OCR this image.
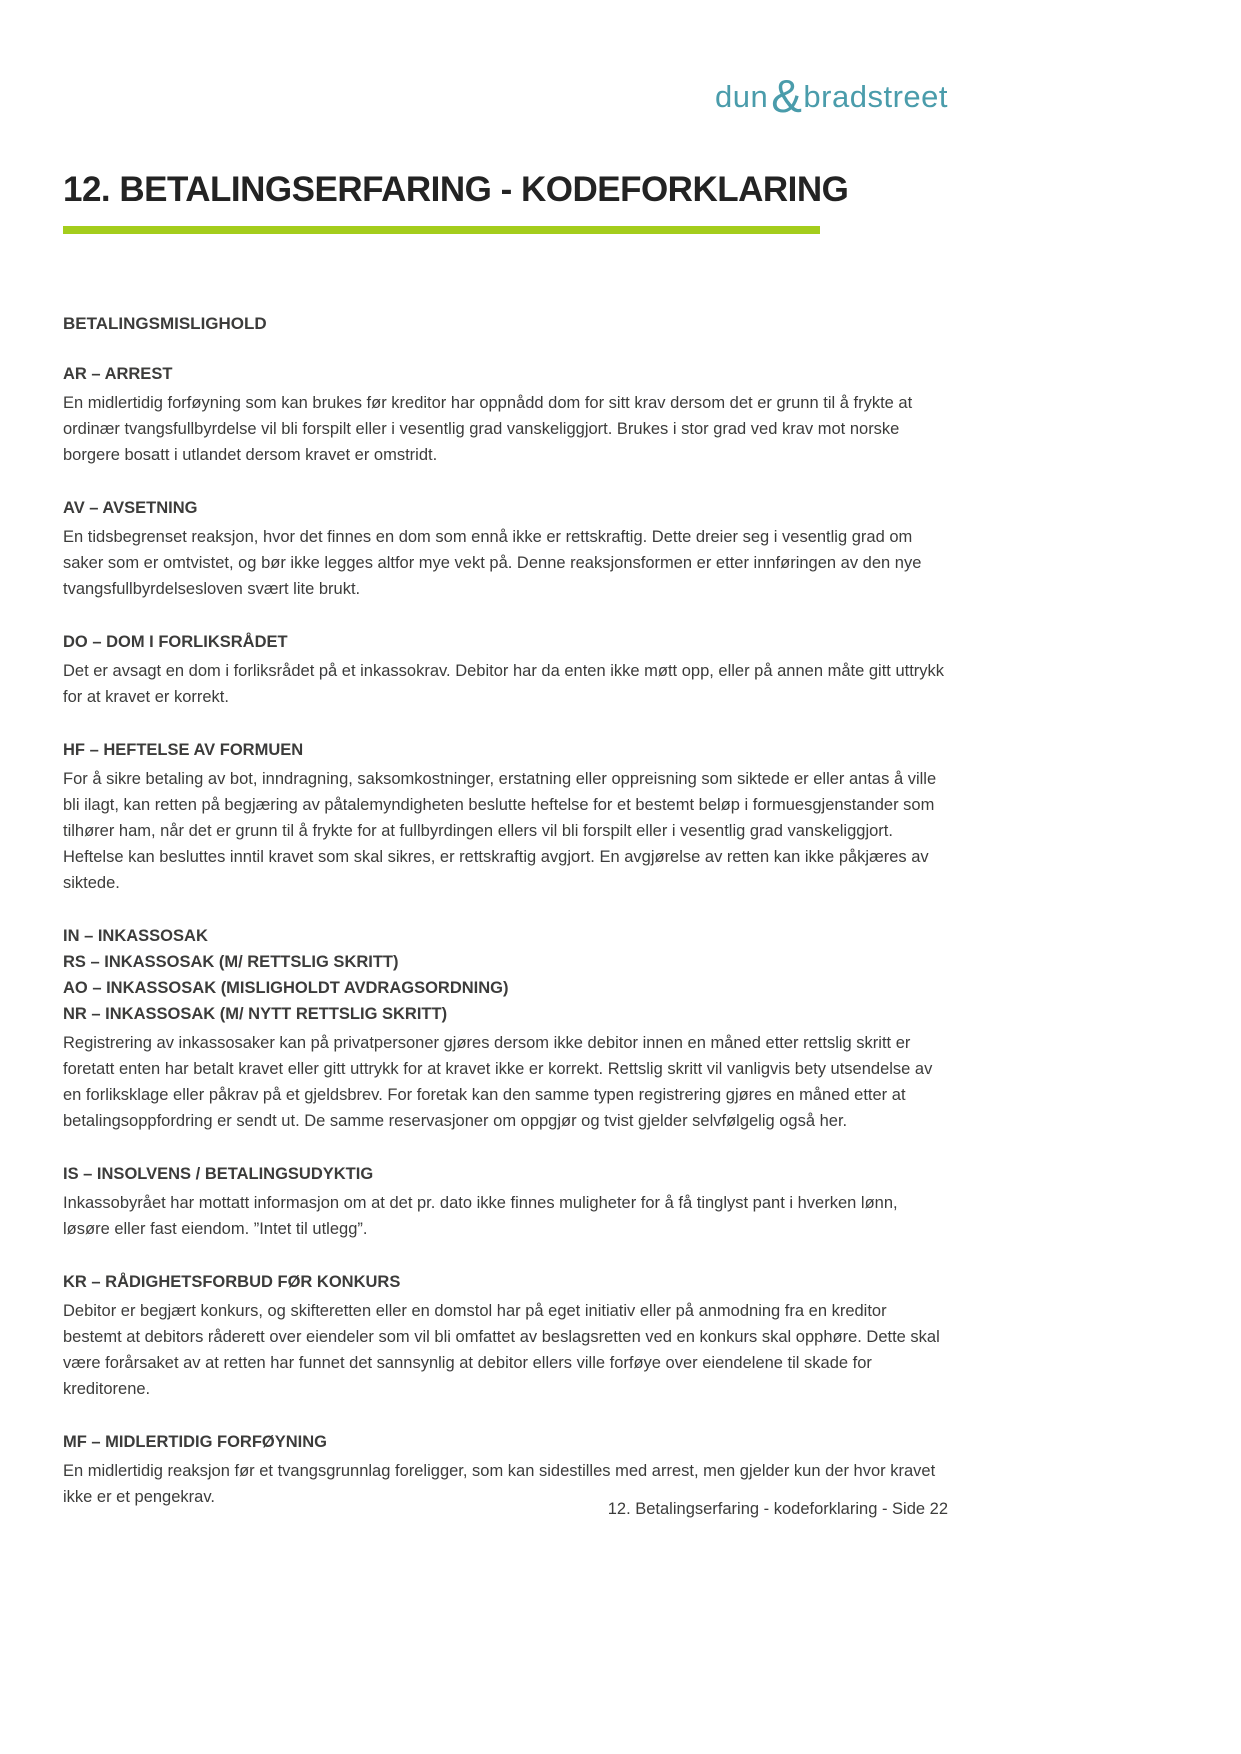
dun&bradstreet
12. BETALINGSERFARING - KODEFORKLARING
BETALINGSMISLIGHOLD
AR – ARREST

En midlertidig forføyning som kan brukes før kreditor har oppnådd dom for sitt krav dersom det er grunn til å frykte at ordinær tvangsfullbyrdelse vil bli forspilt eller i vesentlig grad vanskeliggjort. Brukes i stor grad ved krav mot norske borgere bosatt i utlandet dersom kravet er omstridt.

AV – AVSETNING

En tidsbegrenset reaksjon, hvor det finnes en dom som ennå ikke er rettskraftig. Dette dreier seg i vesentlig grad om saker som er omtvistet, og bør ikke legges altfor mye vekt på. Denne reaksjonsformen er etter innføringen av den nye tvangsfullbyrdelsesloven svært lite brukt.

DO – DOM I FORLIKSRÅDET

Det er avsagt en dom i forliksrådet på et inkassokrav. Debitor har da enten ikke møtt opp, eller på annen måte gitt uttrykk for at kravet er korrekt.

HF – HEFTELSE AV FORMUEN

For å sikre betaling av bot, inndragning, saksomkostninger, erstatning eller oppreisning som siktede er eller antas å ville bli ilagt, kan retten på begjæring av påtalemyndigheten beslutte heftelse for et bestemt beløp i formuesgjenstander som tilhører ham, når det er grunn til å frykte for at fullbyrdingen ellers vil bli forspilt eller i vesentlig grad vanskeliggjort. Heftelse kan besluttes inntil kravet som skal sikres, er rettskraftig avgjort. En avgjørelse av retten kan ikke påkjæres av siktede.

IN – INKASSOSAK
RS – INKASSOSAK (M/ RETTSLIG SKRITT)
AO – INKASSOSAK (MISLIGHOLDT AVDRAGSORDNING)
NR – INKASSOSAK (M/ NYTT RETTSLIG SKRITT)

Registrering av inkassosaker kan på privatpersoner gjøres dersom ikke debitor innen en måned etter rettslig skritt er foretatt enten har betalt kravet eller gitt uttrykk for at kravet ikke er korrekt. Rettslig skritt vil vanligvis bety utsendelse av en forliksklage eller påkrav på et gjeldsbrev. For foretak kan den samme typen registrering gjøres en måned etter at betalingsoppfordring er sendt ut. De samme reservasjoner om oppgjør og tvist gjelder selvfølgelig også her.

IS – INSOLVENS / BETALINGSUDYKTIG

Inkassobyrået har mottatt informasjon om at det pr. dato ikke finnes muligheter for å få tinglyst pant i hverken lønn, løsøre eller fast eiendom. ”Intet til utlegg”.

KR – RÅDIGHETSFORBUD FØR KONKURS

Debitor er begjært konkurs, og skifteretten eller en domstol har på eget initiativ eller på anmodning fra en kreditor bestemt at debitors råderett over eiendeler som vil bli omfattet av beslagsretten ved en konkurs skal opphøre. Dette skal være forårsaket av at retten har funnet det sannsynlig at debitor ellers ville forføye over eiendelene til skade for kreditorene.

MF – MIDLERTIDIG FORFØYNING

En midlertidig reaksjon før et tvangsgrunnlag foreligger, som kan sidestilles med arrest, men gjelder kun der hvor kravet ikke er et pengekrav.

12. Betalingserfaring - kodeforklaring - Side 22
